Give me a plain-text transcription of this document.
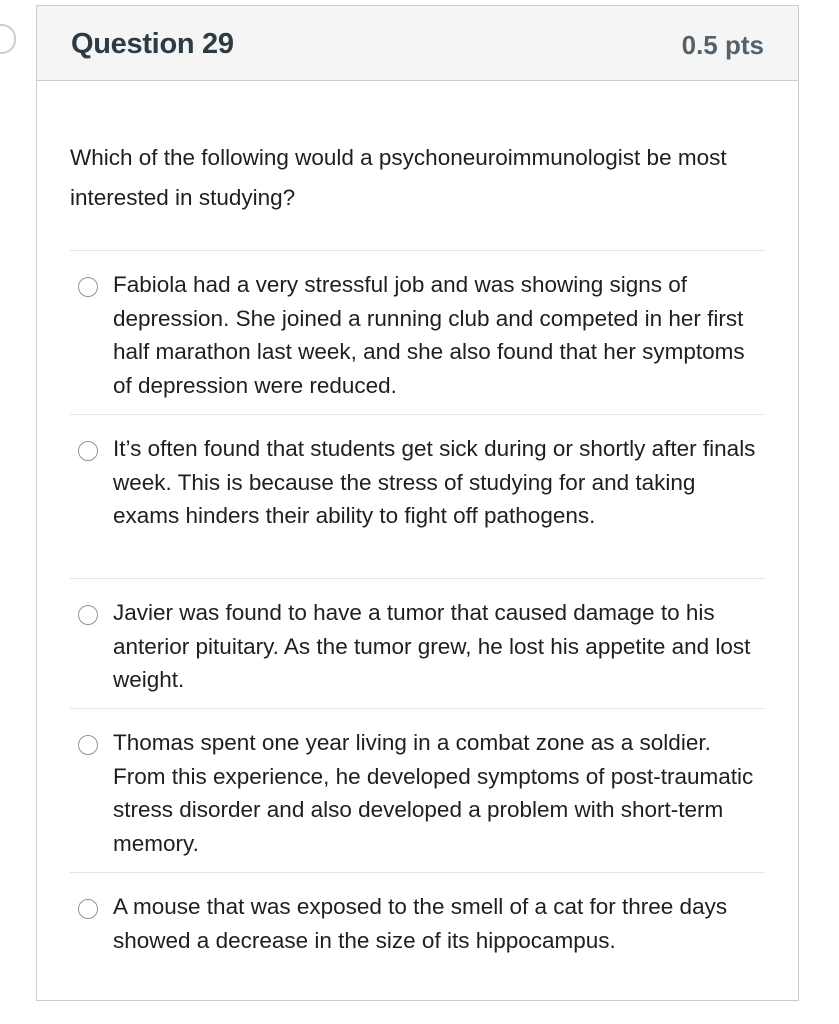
Question 29	0.5 pts
Which of the following would a psychoneuroimmunologist be most interested in studying?
Fabiola had a very stressful job and was showing signs of depression. She joined a running club and competed in her first half marathon last week, and she also found that her symptoms of depression were reduced.
It’s often found that students get sick during or shortly after finals week. This is because the stress of studying for and taking exams hinders their ability to fight off pathogens.
Javier was found to have a tumor that caused damage to his anterior pituitary. As the tumor grew, he lost his appetite and lost weight.
Thomas spent one year living in a combat zone as a soldier. From this experience, he developed symptoms of post-traumatic stress disorder and also developed a problem with short-term memory.
A mouse that was exposed to the smell of a cat for three days showed a decrease in the size of its hippocampus.
